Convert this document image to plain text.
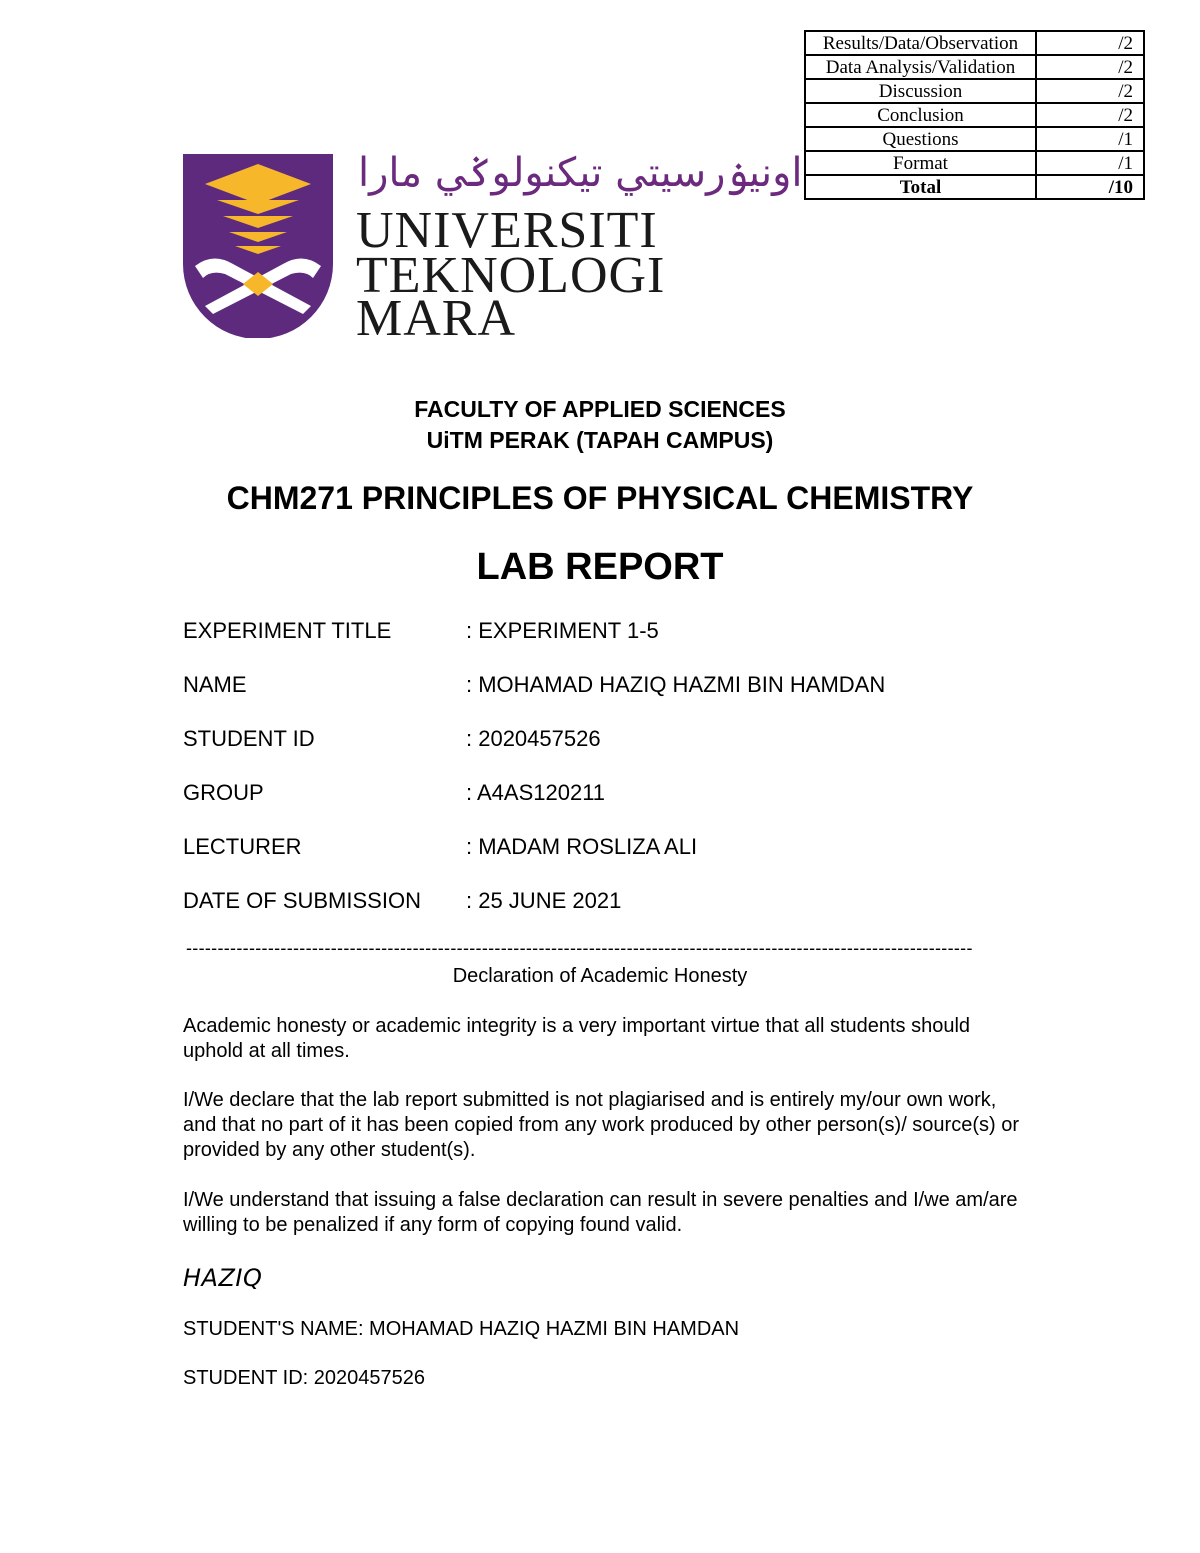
Results/Data/Observation	/2
Data Analysis/Validation	/2
Discussion	/2
Conclusion	/2
Questions	/1
Format	/1
Total	/10
اونيۏرسيتي تيکنولوݢي مارا
UNIVERSITI
TEKNOLOGI
MARA
FACULTY OF APPLIED SCIENCES
UiTM PERAK (TAPAH CAMPUS)
CHM271 PRINCIPLES OF PHYSICAL CHEMISTRY
LAB REPORT
EXPERIMENT TITLE	: EXPERIMENT 1-5
NAME	: MOHAMAD HAZIQ HAZMI BIN HAMDAN
STUDENT ID	: 2020457526
GROUP	: A4AS120211
LECTURER	: MADAM ROSLIZA ALI
DATE OF SUBMISSION : 25 JUNE 2021
-----------------------------------------------------------------------------------------------------------------------------
Declaration of Academic Honesty
Academic honesty or academic integrity is a very important virtue that all students should uphold at all times.
I/We declare that the lab report submitted is not plagiarised and is entirely my/our own work, and that no part of it has been copied from any work produced by other person(s)/ source(s) or provided by any other student(s).
I/We understand that issuing a false declaration can result in severe penalties and I/we am/are willing to be penalized if any form of copying found valid.
HAZIQ
STUDENT'S NAME: MOHAMAD HAZIQ HAZMI BIN HAMDAN
STUDENT ID: 2020457526
